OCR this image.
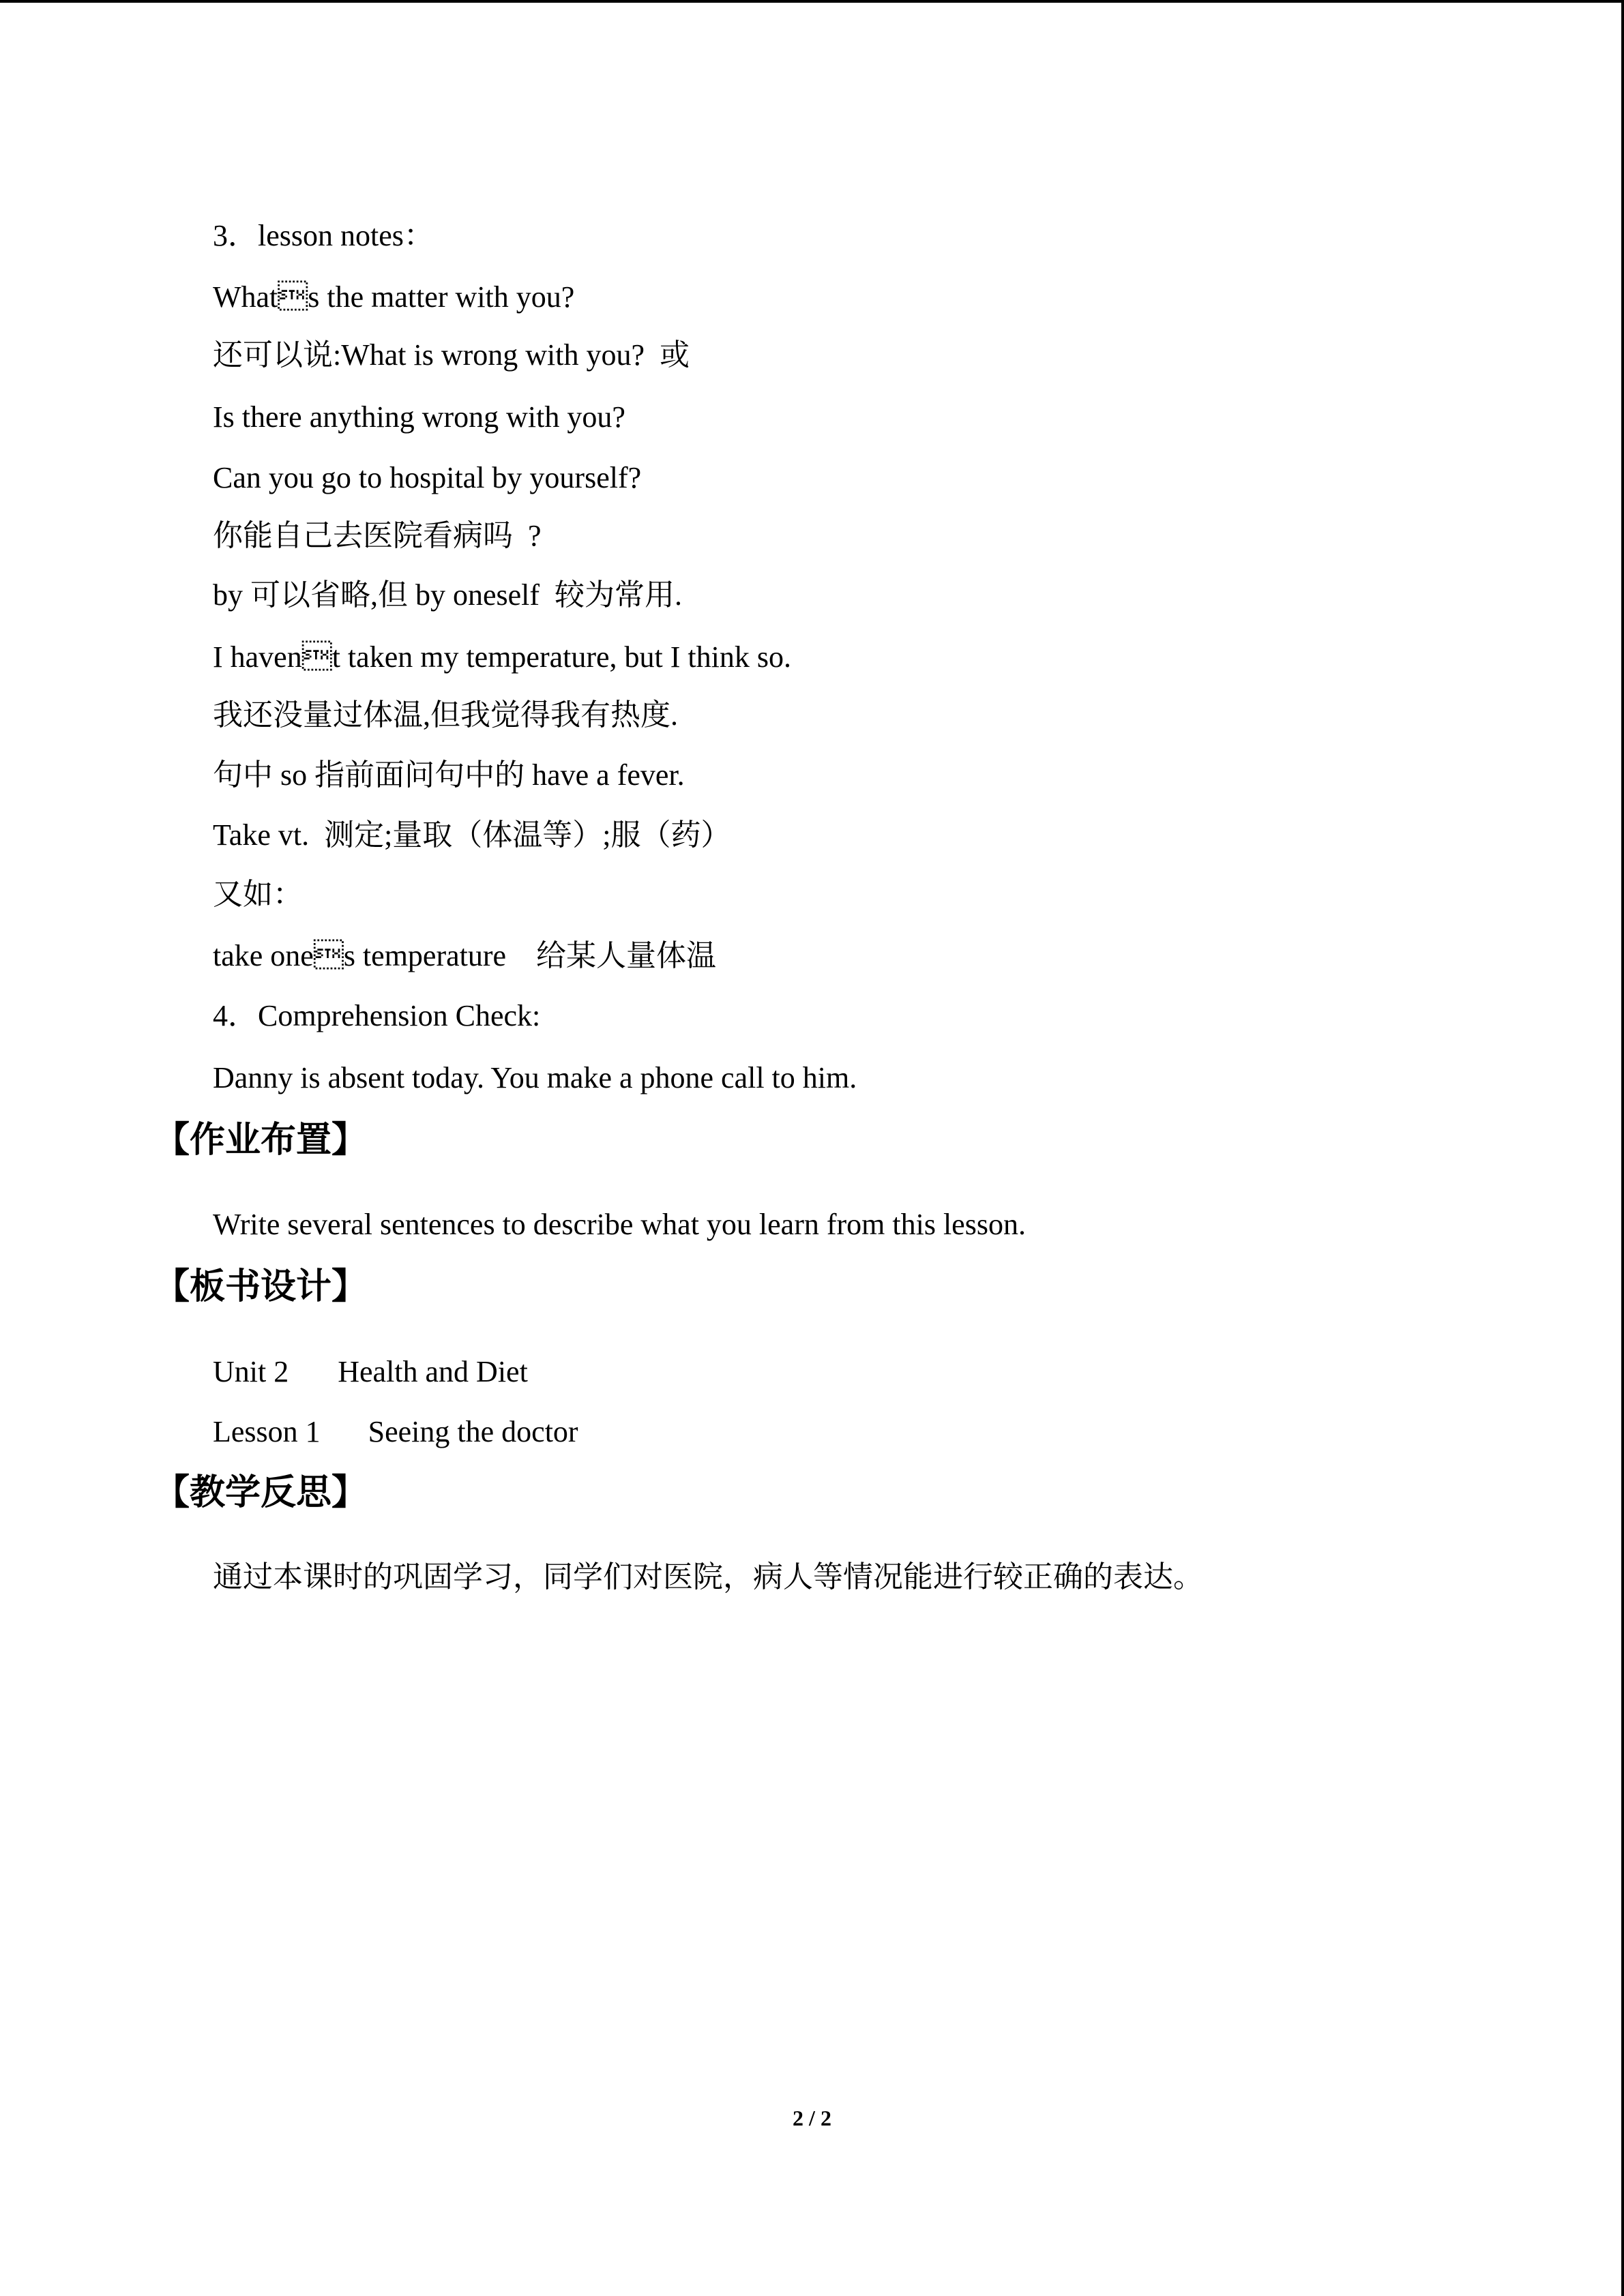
3．lesson notes：
Whats the matter with you?
还可以说:What is wrong with you?  或
Is there anything wrong with you?
Can you go to hospital by yourself?
你能自己去医院看病吗  ?
by 可以省略,但 by oneself  较为常用.
I havent taken my temperature, but I think so.
我还没量过体温,但我觉得我有热度.
句中 so 指前面问句中的 have a fever.
Take vt.  测定;量取（体温等）;服（药）
又如：
take ones temperature    给某人量体温
4．Comprehension Check:
Danny is absent today. You make a phone call to him.
【作业布置】
Write several sentences to describe what you learn from this lesson.
【板书设计】
Unit 2 Health and Diet
Lesson 1 Seeing the doctor
【教学反思】
通过本课时的巩固学习，同学们对医院，病人等情况能进行较正确的表达。
2 / 2
